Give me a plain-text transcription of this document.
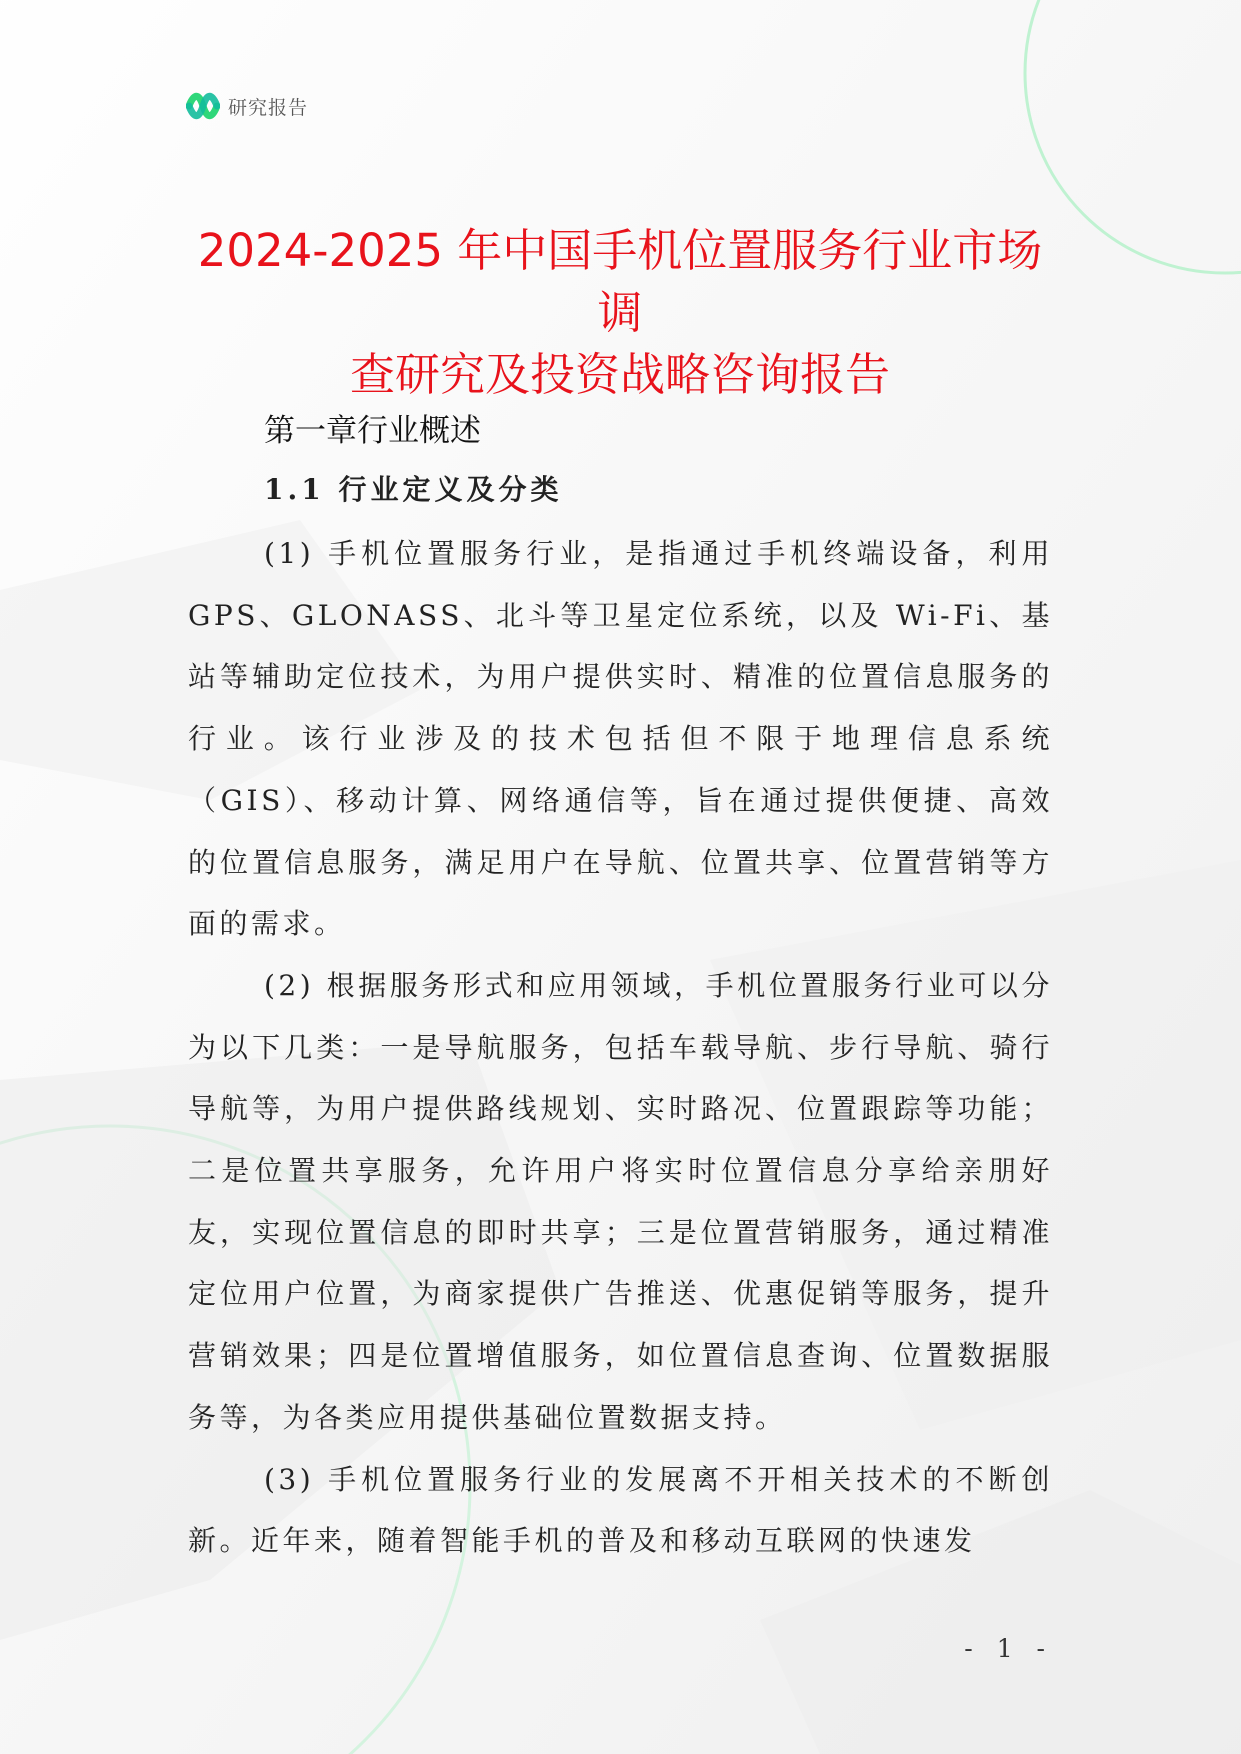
研究报告
2024-2025 年中国手机位置服务行业市场调
查研究及投资战略咨询报告
第一章行业概述
1.1 行业定义及分类

(1) 手机位置服务行业，是指通过手机终端设备，利用 GPS、GLONASS、北斗等卫星定位系统，以及 Wi-Fi、基站等辅助定位技术，为用户提供实时、精准的位置信息服务的行业。该行业涉及的技术包括但不限于地理信息系统（GIS）、移动计算、网络通信等，旨在通过提供便捷、高效的位置信息服务，满足用户在导航、位置共享、位置营销等方面的需求。

(2) 根据服务形式和应用领域，手机位置服务行业可以分为以下几类：一是导航服务，包括车载导航、步行导航、骑行导航等，为用户提供路线规划、实时路况、位置跟踪等功能；二是位置共享服务，允许用户将实时位置信息分享给亲朋好友，实现位置信息的即时共享；三是位置营销服务，通过精准定位用户位置，为商家提供广告推送、优惠促销等服务，提升营销效果；四是位置增值服务，如位置信息查询、位置数据服务等，为各类应用提供基础位置数据支持。

(3) 手机位置服务行业的发展离不开相关技术的不断创新。近年来，随着智能手机的普及和移动互联网的快速发

- 1 -
